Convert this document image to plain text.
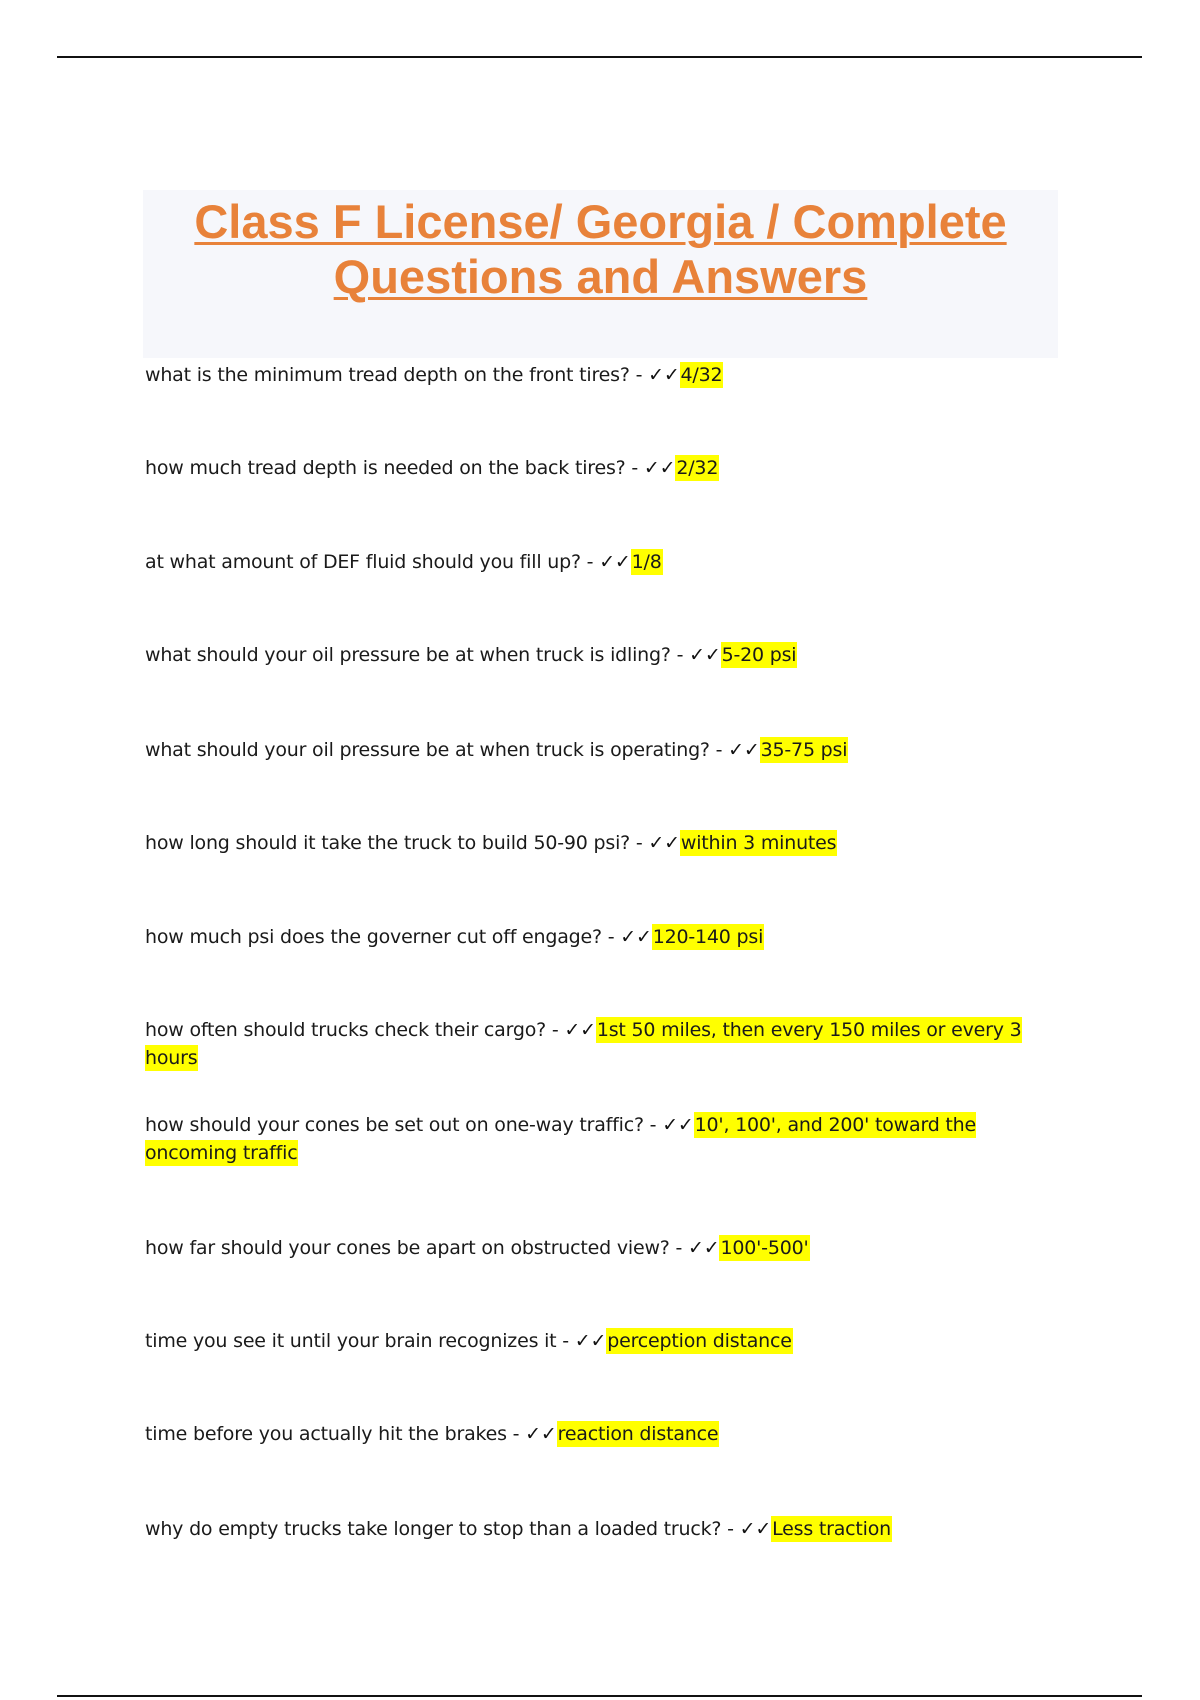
Class F License/ Georgia / Complete
Questions and Answers
what is the minimum tread depth on the front tires? - ✓✓4/32
how much tread depth is needed on the back tires? - ✓✓2/32
at what amount of DEF fluid should you fill up? - ✓✓1/8
what should your oil pressure be at when truck is idling? - ✓✓5-20 psi
what should your oil pressure be at when truck is operating? - ✓✓35-75 psi
how long should it take the truck to build 50-90 psi? - ✓✓within 3 minutes
how much psi does the governer cut off engage? - ✓✓120-140 psi
how often should trucks check their cargo? - ✓✓1st 50 miles, then every 150 miles or every 3 hours
how should your cones be set out on one-way traffic? - ✓✓10', 100', and 200' toward the oncoming traffic
how far should your cones be apart on obstructed view? - ✓✓100'-500'
time you see it until your brain recognizes it - ✓✓perception distance
time before you actually hit the brakes - ✓✓reaction distance
why do empty trucks take longer to stop than a loaded truck? - ✓✓Less traction
